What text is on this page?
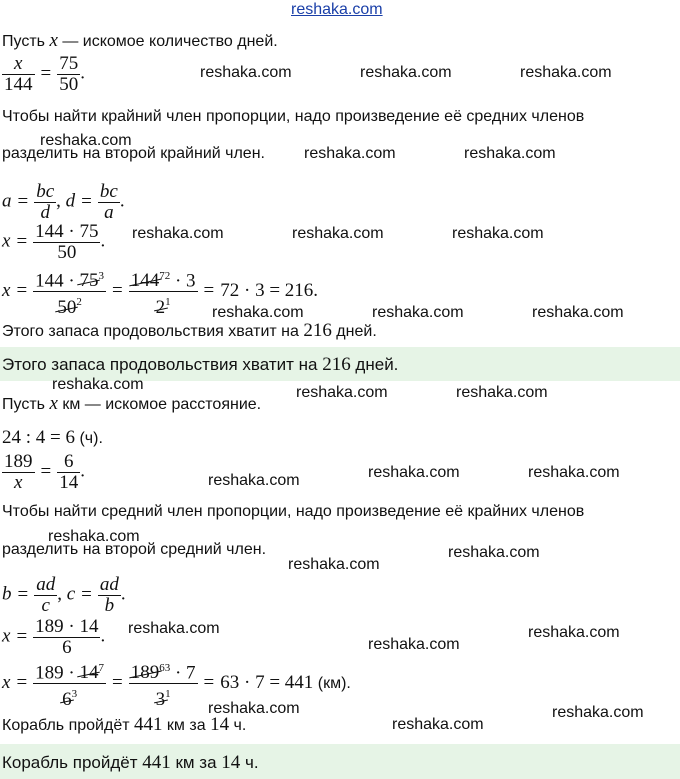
reshaka.com
Пусть x — искомое количество дней.
$\frac{x}{144} = \frac{75}{50}$ .
Чтобы найти крайний член пропорции, надо произведение её средних членов
разделить на второй крайний член.
$a = \frac{bc}{d}$ , $d = \frac{bc}{a}$ .
$x = \frac{144 \cdot 75}{50}$ .
$x = \frac{144 \cdot 75^3}{50^2} = \frac{144^{72} \cdot 3}{2^1} = 72 \cdot 3 = 216$.
Этого запаса продовольствия хватит на 216 дней.
Этого запаса продовольствия хватит на 216 дней.
Пусть x км — искомое расстояние.
24 : 4 = 6 (ч).
$\frac{189}{x} = \frac{6}{14}$ .
Чтобы найти средний член пропорции, надо произведение её крайних членов
разделить на второй средний член.
$b = \frac{ad}{c}$ , $c = \frac{ad}{b}$ .
$x = \frac{189 \cdot 14}{6}$ .
$x = \frac{189 \cdot 14^7}{6^3} = \frac{189^{63} \cdot 7}{3^1} = 63 \cdot 7 = 441$ (км).
Корабль пройдёт 441 км за 14 ч.
Корабль пройдёт 441 км за 14 ч.
reshaka.com	reshaka.com	reshaka.com
reshaka.com
reshaka.com	reshaka.com
reshaka.com	reshaka.com	reshaka.com
reshaka.com	reshaka.com	reshaka.com
reshaka.com	reshaka.com	reshaka.com
reshaka.com	reshaka.com
reshaka.com
reshaka.com
reshaka.com
reshaka.com
reshaka.com	reshaka.com
reshaka.com
reshaka.com	reshaka.com
reshaka.com
